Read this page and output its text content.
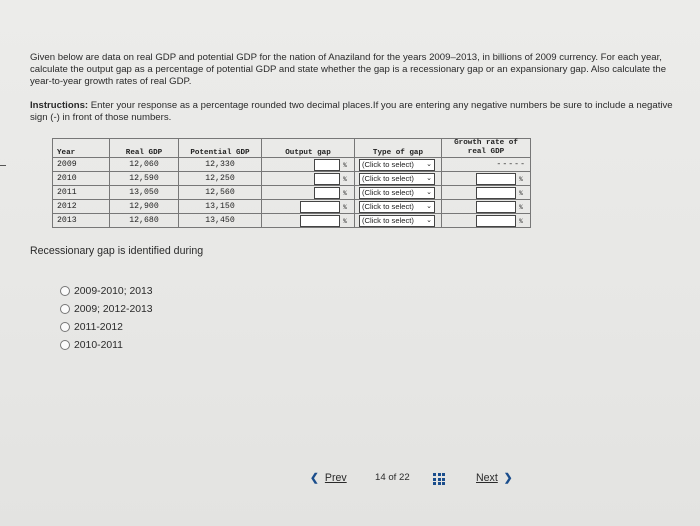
Given below are data on real GDP and potential GDP for the nation of Anaziland for the years 2009–2013, in billions of 2009 currency. For each year, calculate the output gap as a percentage of potential GDP and state whether the gap is a recessionary gap or an expansionary gap. Also calculate the year-to-year growth rates of real GDP.
Instructions: Enter your response as a percentage rounded two decimal places.If you are entering any negative numbers be sure to include a negative sign (-) in front of those numbers.
Year	Real GDP	Potential GDP	Output gap	Type of gap	Growth rate of real GDP
2009	12,060	12,330	%	(Click to select) ⌄	-----
2010	12,590	12,250	%	(Click to select) ⌄	%
2011	13,050	12,560	%	(Click to select) ⌄	%
2012	12,900	13,150	%	(Click to select) ⌄	%
2013	12,680	13,450	%	(Click to select) ⌄	%
Recessionary gap is identified during
2009-2010; 2013
2009; 2012-2013
2011-2012
2010-2011
❮ Prev	14 of 22	Next ❯
